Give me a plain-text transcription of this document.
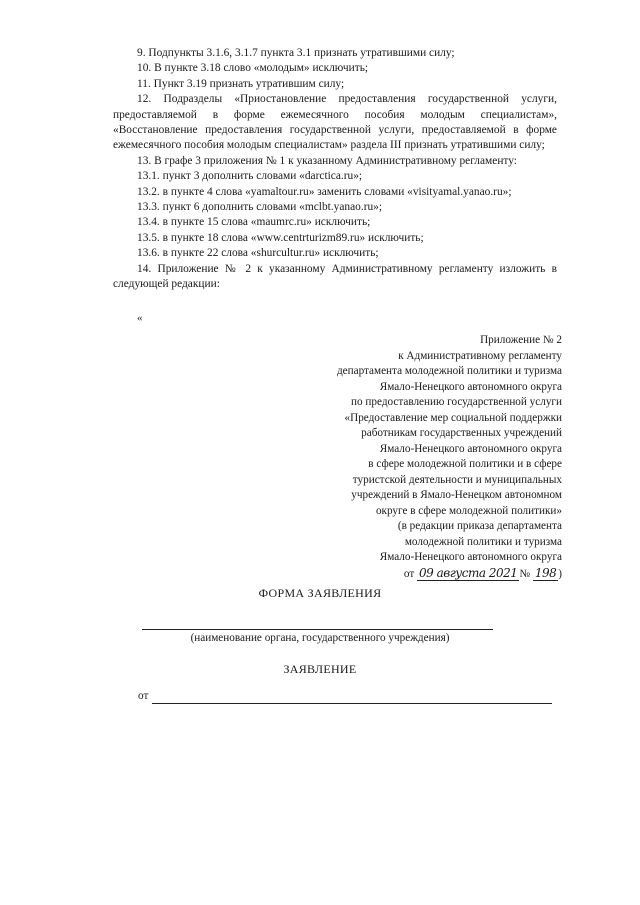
9. Подпункты 3.1.6, 3.1.7 пункта 3.1 признать утратившими силу;

10. В пункте 3.18 слово «молодым» исключить;

11. Пункт 3.19 признать утратившим силу;

12. Подразделы «Приостановление предоставления государственной услуги, предоставляемой в форме ежемесячного пособия молодым специалистам», «Восстановление предоставления государственной услуги, предоставляемой в форме ежемесячного пособия молодым специалистам» раздела III признать утратившими силу;

13. В графе 3 приложения № 1 к указанному Административному регламенту:

13.1. пункт 3 дополнить словами «darctica.ru»;

13.2. в пункте 4 слова «yamaltour.ru» заменить словами «visityamal.yanao.ru»;

13.3. пункт 6 дополнить словами «mclbt.yanao.ru»;

13.4. в пункте 15 слова «maumrc.ru» исключить;

13.5. в пункте 18 слова «www.centrturizm89.ru» исключить;

13.6. в пункте 22 слова «shurcultur.ru» исключить;

14. Приложение № 2 к указанному Административному регламенту изложить в следующей редакции:

«
Приложение № 2
к Административному регламенту
департамента молодежной политики и туризма
Ямало-Ненецкого автономного округа
по предоставлению государственной услуги
«Предоставление мер социальной поддержки
работникам государственных учреждений
Ямало-Ненецкого автономного округа
в сфере молодежной политики и в сфере
туристской деятельности и муниципальных
учреждений в Ямало-Ненецком автономном
округе в сфере молодежной политики»
(в редакции приказа департамента
молодежной политики и туризма
Ямало-Ненецкого автономного округа
от 09 августа 2021 № 198 )
ФОРМА ЗАЯВЛЕНИЯ
(наименование органа, государственного учреждения)
ЗАЯВЛЕНИЕ
от
